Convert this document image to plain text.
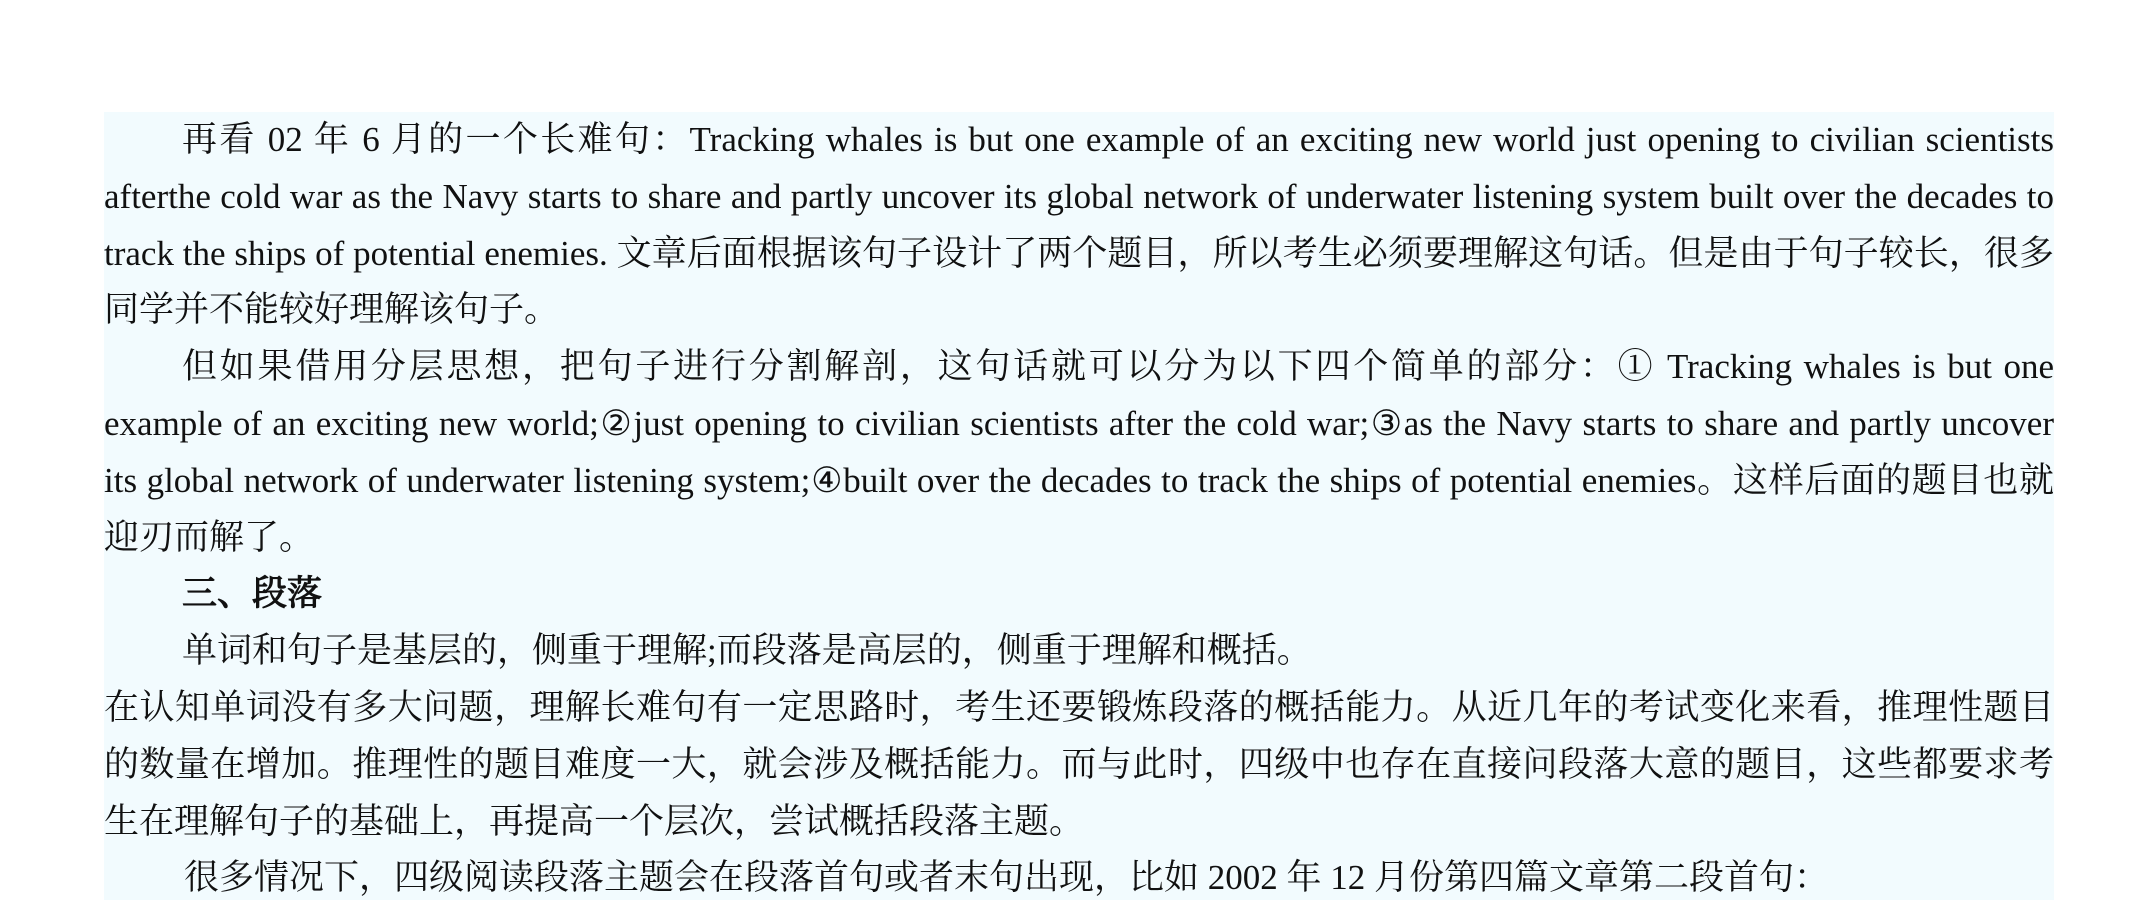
再看 02 年 6 月的一个长难句：Tracking whales is but one example of an exciting new world just opening to civilian scientists afterthe cold war as the Navy starts to share and partly uncover its global network of underwater listening system built over the decades to track the ships of potential enemies. 文章后面根据该句子设计了两个题目，所以考生必须要理解这句话。但是由于句子较长，很多同学并不能较好理解该句子。

但如果借用分层思想，把句子进行分割解剖，这句话就可以分为以下四个简单的部分：① Tracking whales is but one example of an exciting new world;②just opening to civilian scientists after the cold war;③as the Navy starts to share and partly uncover its global network of underwater listening system;④built over the decades to track the ships of potential enemies。这样后面的题目也就迎刃而解了。

三、段落

单词和句子是基层的，侧重于理解;而段落是高层的，侧重于理解和概括。

在认知单词没有多大问题，理解长难句有一定思路时，考生还要锻炼段落的概括能力。从近几年的考试变化来看，推理性题目的数量在增加。推理性的题目难度一大，就会涉及概括能力。而与此时，四级中也存在直接问段落大意的题目，这些都要求考生在理解句子的基础上，再提高一个层次，尝试概括段落主题。

很多情况下，四级阅读段落主题会在段落首句或者末句出现，比如 2002 年 12 月份第四篇文章第二段首句：
